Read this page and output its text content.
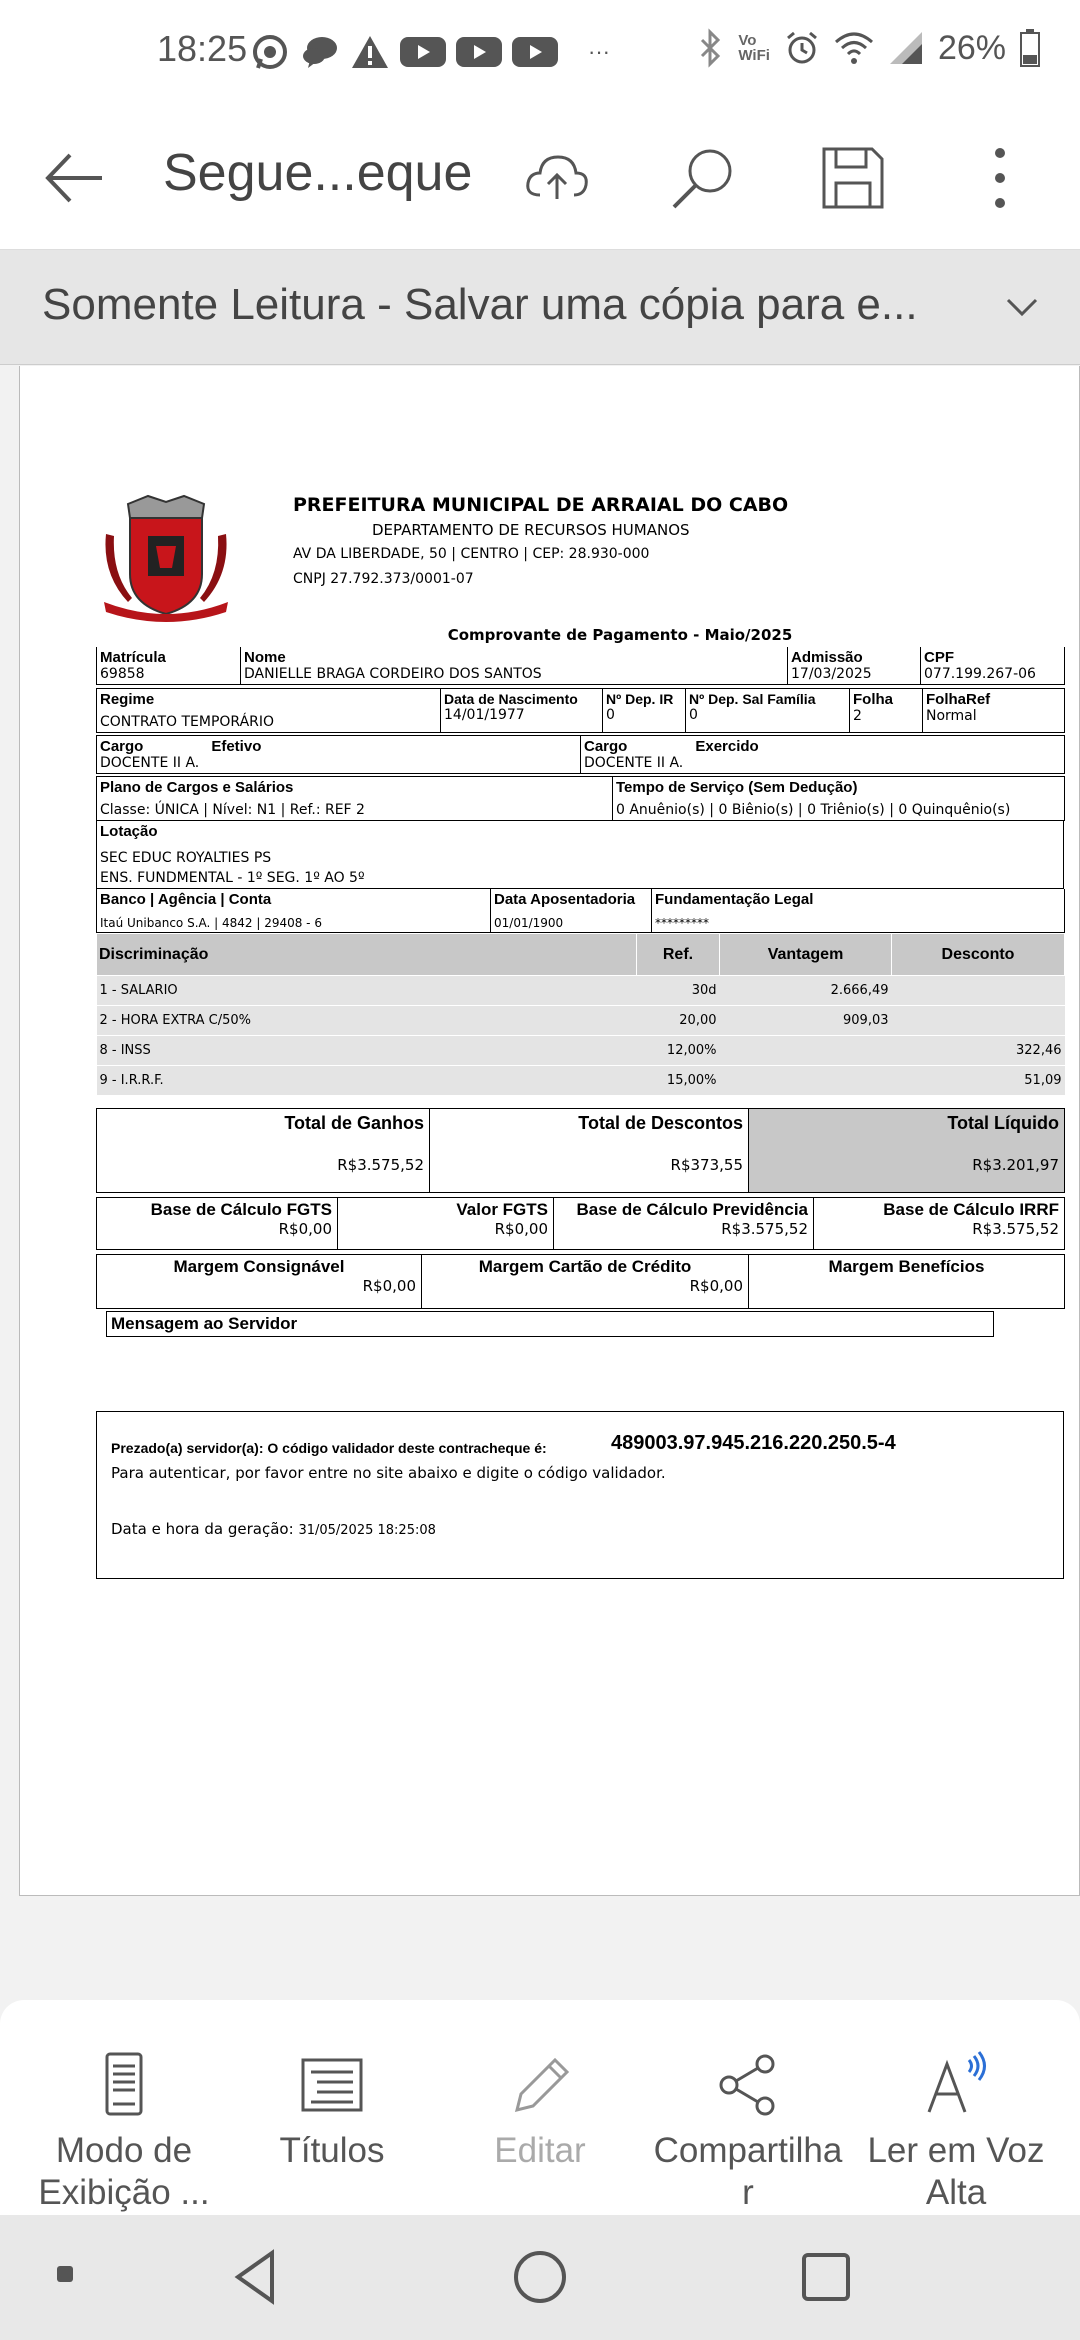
18:25	···	Vo
WiFi	26%
Segue...eque
Somente Leitura - Salvar uma cópia para e...
PREFEITURA MUNICIPAL DE ARRAIAL DO CABO
DEPARTAMENTO DE RECURSOS HUMANOS
AV DA LIBERDADE, 50 | CENTRO | CEP: 28.930-000
CNPJ 27.792.373/0001-07
Comprovante de Pagamento - Maio/2025
Matrícula
69858	
Nome
DANIELLE BRAGA CORDEIRO DOS SANTOS	
Admissão
17/03/2025	
CPF
077.199.267-06
Regime
CONTRATO TEMPORÁRIO

Data de Nascimento
14/01/1977	
Nº Dep. IR
0	
Nº Dep. Sal Família
0	
Folha
2	
FolhaRef
Normal
Cargo	Efetivo
DOCENTE II A.	
Cargo	Exercido
DOCENTE II A.
Plano de Cargos e Salários
Classe: ÚNICA | Nível: N1 | Ref.: REF 2

Tempo de Serviço (Sem Dedução)
0 Anuênio(s) | 0 Biênio(s) | 0 Triênio(s) | 0 Quinquênio(s)
Lotação
SEC EDUC ROYALTIES PS
ENS. FUNDMENTAL - 1º SEG. 1º AO 5º
Banco | Agência | Conta
Itaú Unibanco S.A. | 4842 | 29408 - 6

Data Aposentadoria
01/01/1900

Fundamentação Legal
*********
Discriminação	Ref.	Vantagem	Desconto
1 - SALARIO	30d	2.666,49	
2 - HORA EXTRA C/50%	20,00	909,03	
8 - INSS	12,00%		322,46
9 - I.R.R.F.	15,00%		51,09
Total de Ganhos
R$3.575,52	
Total de Descontos
R$373,55	
Total Líquido
R$3.201,97
Base de Cálculo FGTS
R$0,00	
Valor FGTS
R$0,00	
Base de Cálculo Previdência
R$3.575,52	
Base de Cálculo IRRF
R$3.575,52
Margem Consignável
R$0,00	
Margem Cartão de Crédito
R$0,00	
Margem Benefícios
Mensagem ao Servidor
Prezado(a) servidor(a): O código validador deste contracheque é:	489003.97.945.216.220.250.5-4
Para autenticar, por favor entre no site abaixo e digite o código validador.
Data e hora da geração: 31/05/2025 18:25:08
Modo de
Exibição ...
Títulos	Editar	Compartilha
r
Ler em Voz
Alta
